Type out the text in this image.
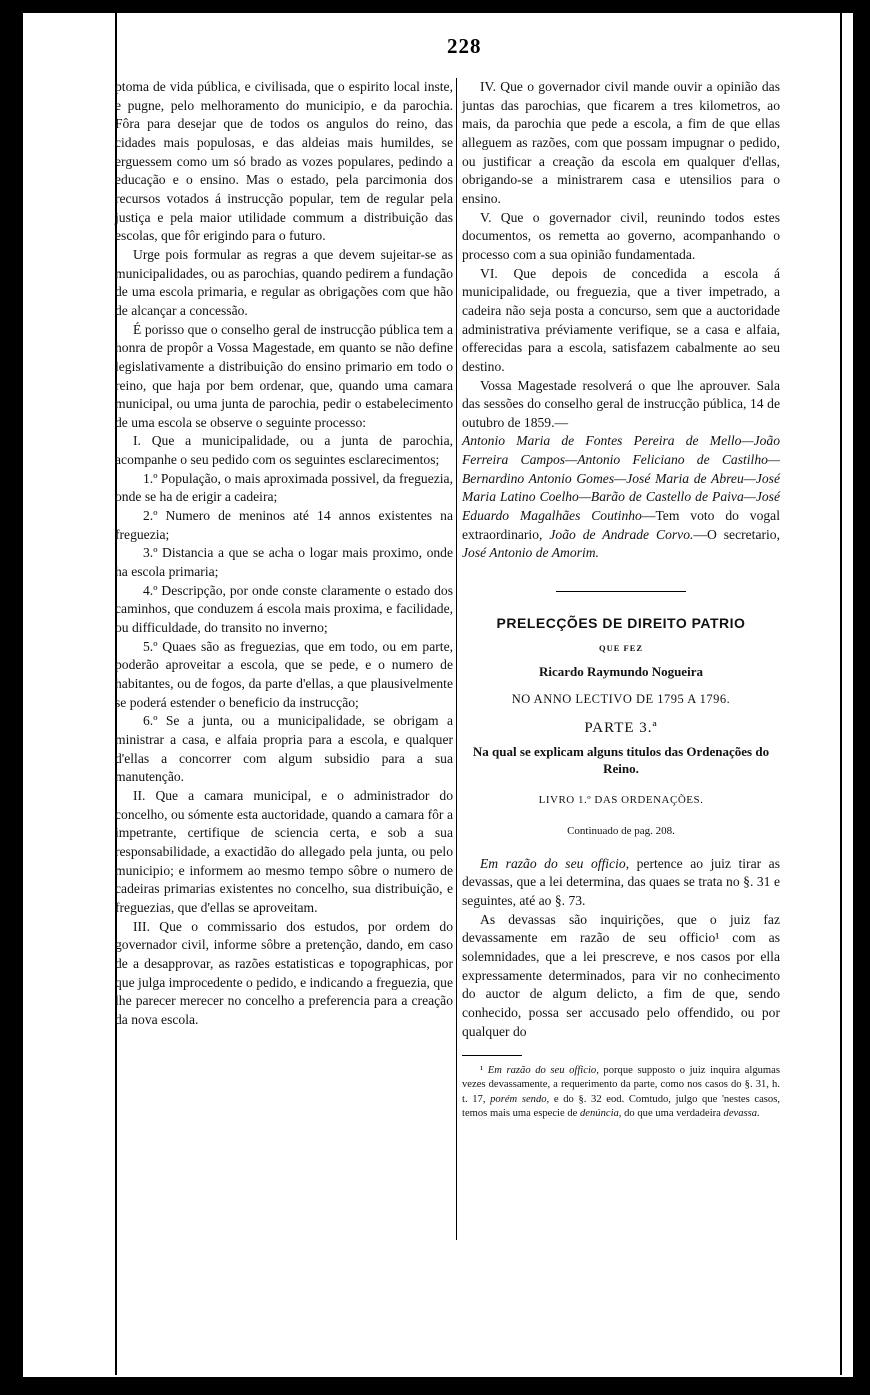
228

ptoma de vida pública, e civilisada, que o espirito local inste, e pugne, pelo melhoramento do municipio, e da parochia. Fôra para desejar que de todos os angulos do reino, das cidades mais populosas, e das aldeias mais humildes, se erguessem como um só brado as vozes populares, pedindo a educação e o ensino. Mas o estado, pela parcimonia dos recursos votados á instrucção popular, tem de regular pela justiça e pela maior utilidade commum a distribuição das escolas, que fôr erigindo para o futuro.

Urge pois formular as regras a que devem sujeitar-se as municipalidades, ou as parochias, quando pedirem a fundação de uma escola primaria, e regular as obrigações com que hão de alcançar a concessão.

É porisso que o conselho geral de instrucção pública tem a honra de propôr a Vossa Magestade, em quanto se não define legislativamente a distribuição do ensino primario em todo o reino, que haja por bem ordenar, que, quando uma camara municipal, ou uma junta de parochia, pedir o estabelecimento de uma escola se observe o seguinte processo:

I. Que a municipalidade, ou a junta de parochia, acompanhe o seu pedido com os seguintes esclarecimentos;

1.º População, o mais aproximada possivel, da freguezia, onde se ha de erigir a cadeira;

2.º Numero de meninos até 14 annos existentes na freguezia;

3.º Distancia a que se acha o logar mais proximo, onde ha escola primaria;

4.º Descripção, por onde conste claramente o estado dos caminhos, que conduzem á escola mais proxima, e facilidade, ou difficuldade, do transito no inverno;

5.º Quaes são as freguezias, que em todo, ou em parte, poderão aproveitar a escola, que se pede, e o numero de habitantes, ou de fogos, da parte d'ellas, a que plausivelmente se poderá estender o beneficio da instrucção;

6.º Se a junta, ou a municipalidade, se obrigam a ministrar a casa, e alfaia propria para a escola, e qualquer d'ellas a concorrer com algum subsidio para a sua manutenção.

II. Que a camara municipal, e o administrador do concelho, ou sómente esta auctoridade, quando a camara fôr a impetrante, certifique de sciencia certa, e sob a sua responsabilidade, a exactidão do allegado pela junta, ou pelo municipio; e informem ao mesmo tempo sôbre o numero de cadeiras primarias existentes no concelho, sua distribuição, e freguezias, que d'ellas se aproveitam.

III. Que o commissario dos estudos, por ordem do governador civil, informe sôbre a pretenção, dando, em caso de a desapprovar, as razões estatisticas e topographicas, por que julga improcedente o pedido, e indicando a freguezia, que lhe parecer merecer no concelho a preferencia para a creação da nova escola.

IV. Que o governador civil mande ouvir a opinião das juntas das parochias, que ficarem a tres kilometros, ao mais, da parochia que pede a escola, a fim de que ellas alleguem as razões, com que possam impugnar o pedido, ou justificar a creação da escola em qualquer d'ellas, obrigando-se a ministrarem casa e utensilios para o ensino.

V. Que o governador civil, reunindo todos estes documentos, os remetta ao governo, acompanhando o processo com a sua opinião fundamentada.

VI. Que depois de concedida a escola á municipalidade, ou freguezia, que a tiver impetrado, a cadeira não seja posta a concurso, sem que a auctoridade administrativa préviamente verifique, se a casa e alfaia, offerecidas para a escola, satisfazem cabalmente ao seu destino.

Vossa Magestade resolverá o que lhe aprouver. Sala das sessões do conselho geral de instrucção pública, 14 de outubro de 1859.—

Antonio Maria de Fontes Pereira de Mello—João Ferreira Campos—Antonio Feliciano de Castilho—Bernardino Antonio Gomes—José Maria de Abreu—José Maria Latino Coelho—Barão de Castello de Paiva—José Eduardo Magalhães Coutinho—Tem voto do vogal extraordinario, João de Andrade Corvo.—O secretario, José Antonio de Amorim.

PRELECÇÕES DE DIREITO PATRIO
QUE FEZ
Ricardo Raymundo Nogueira
NO ANNO LECTIVO DE 1795 A 1796.
PARTE 3.ª
Na qual se explicam alguns titulos das Ordenações do Reino.
LIVRO 1.º DAS ORDENAÇÕES.
Continuado de pag. 208.

Em razão do seu officio, pertence ao juiz tirar as devassas, que a lei determina, das quaes se trata no §. 31 e seguintes, até ao §. 73.

As devassas são inquirições, que o juiz faz devassamente em razão de seu officio¹ com as solemnidades, que a lei prescreve, e nos casos por ella expressamente determinados, para vir no conhecimento do auctor de algum delicto, a fim de que, sendo conhecido, possa ser accusado pelo offendido, ou por qualquer do

¹ Em razão do seu officio, porque supposto o juiz inquira algumas vezes devassamente, a requerimento da parte, como nos casos do §. 31, h. t. 17, porém sendo, e do §. 32 eod. Comtudo, julgo que 'nestes casos, temos mais uma especie de denúncia, do que uma verdadeira devassa.
